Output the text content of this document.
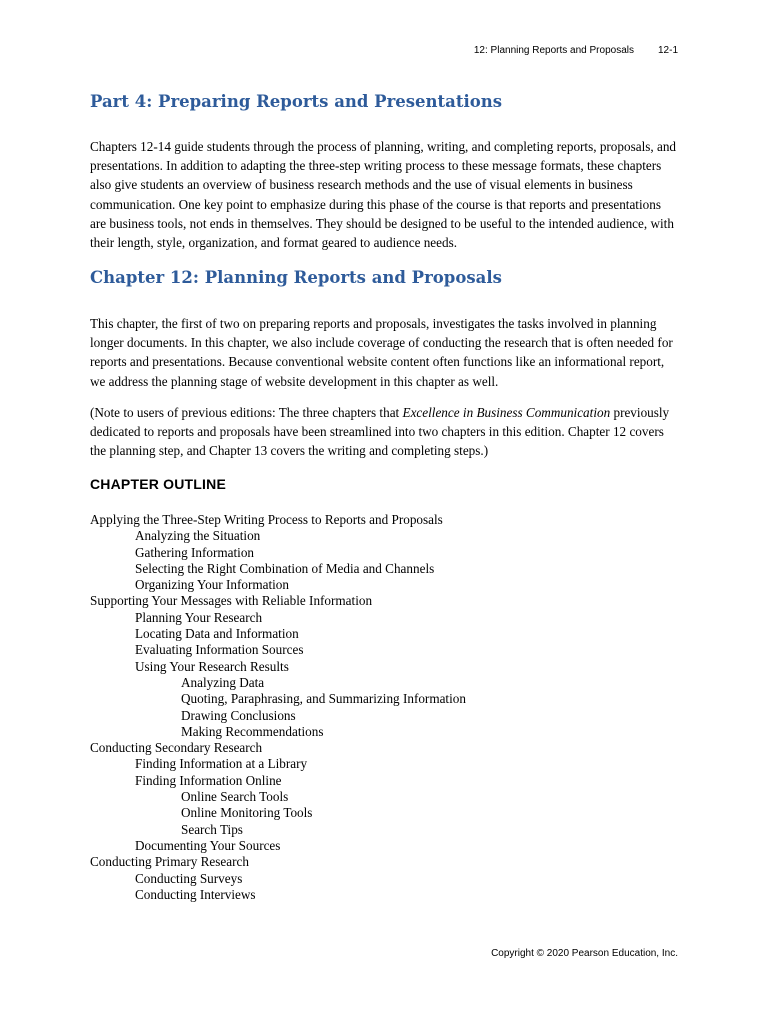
12: Planning Reports and Proposals 12-1
Part 4: Preparing Reports and Presentations

Chapters 12-14 guide students through the process of planning, writing, and completing reports, proposals, and presentations. In addition to adapting the three-step writing process to these message formats, these chapters also give students an overview of business research methods and the use of visual elements in business communication. One key point to emphasize during this phase of the course is that reports and presentations are business tools, not ends in themselves. They should be designed to be useful to the intended audience, with their length, style, organization, and format geared to audience needs.

Chapter 12: Planning Reports and Proposals

This chapter, the first of two on preparing reports and proposals, investigates the tasks involved in planning longer documents. In this chapter, we also include coverage of conducting the research that is often needed for reports and presentations. Because conventional website content often functions like an informational report, we address the planning stage of website development in this chapter as well.

(Note to users of previous editions: The three chapters that Excellence in Business Communication previously dedicated to reports and proposals have been streamlined into two chapters in this edition. Chapter 12 covers the planning step, and Chapter 13 covers the writing and completing steps.)

CHAPTER OUTLINE
Applying the Three-Step Writing Process to Reports and Proposals
Analyzing the Situation
Gathering Information
Selecting the Right Combination of Media and Channels
Organizing Your Information
Supporting Your Messages with Reliable Information
Planning Your Research
Locating Data and Information
Evaluating Information Sources
Using Your Research Results
Analyzing Data
Quoting, Paraphrasing, and Summarizing Information
Drawing Conclusions
Making Recommendations
Conducting Secondary Research
Finding Information at a Library
Finding Information Online
Online Search Tools
Online Monitoring Tools
Search Tips
Documenting Your Sources
Conducting Primary Research
Conducting Surveys
Conducting Interviews
Copyright © 2020 Pearson Education, Inc.
